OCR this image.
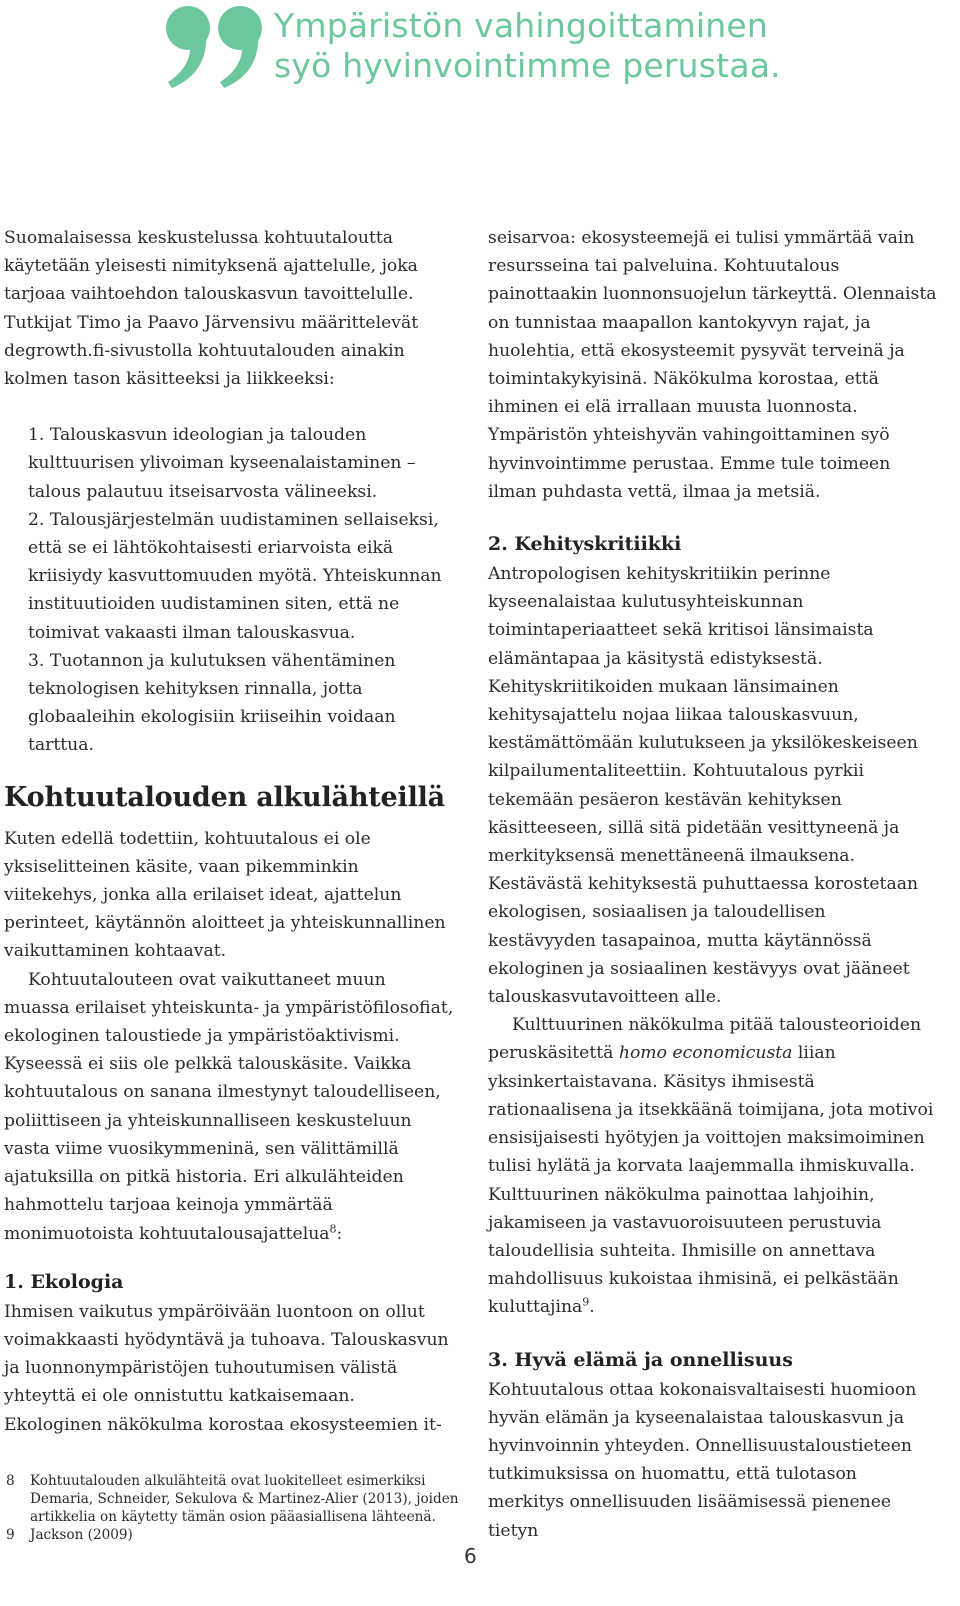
Ympäristön vahingoittaminen
syö hyvinvointimme perustaa.

Suomalaisessa keskustelussa kohtuutaloutta käytetään yleisesti nimityksenä ajattelulle, joka tarjoaa vaihtoehdon talouskasvun tavoittelulle. Tutkijat Timo ja Paavo Järvensivu määrittelevät degrowth.fi-sivustolla kohtuutalouden ainakin kolmen tason käsitteeksi ja liikkeeksi:

1. Talouskasvun ideologian ja talouden kulttuurisen ylivoiman kyseenalaistaminen – talous palautuu itseisarvosta välineeksi.
2. Talousjärjestelmän uudistaminen sellaiseksi, että se ei lähtökohtaisesti eriarvoista eikä kriisiydy kasvuttomuuden myötä. Yhteiskunnan instituutioiden uudistaminen siten, että ne toimivat vakaasti ilman talouskasvua.
3. Tuotannon ja kulutuksen vähentäminen teknologisen kehityksen rinnalla, jotta globaaleihin ekologisiin kriiseihin voidaan tarttua.
Kohtuutalouden alkulähteillä

Kuten edellä todettiin, kohtuutalous ei ole yksiselitteinen käsite, vaan pikemminkin viitekehys, jonka alla erilaiset ideat, ajattelun perinteet, käytännön aloitteet ja yhteiskunnallinen vaikuttaminen kohtaavat.

Kohtuutalouteen ovat vaikuttaneet muun muassa erilaiset yhteiskunta- ja ympäristöfilosofiat, ekologinen taloustiede ja ympäristöaktivismi. Kyseessä ei siis ole pelkkä talouskäsite. Vaikka kohtuutalous on sanana ilmestynyt taloudelliseen, poliittiseen ja yhteiskunnalliseen keskusteluun vasta viime vuosikymmeninä, sen välittämillä ajatuksilla on pitkä historia. Eri alkulähteiden hahmottelu tarjoaa keinoja ymmärtää monimuotoista kohtuutalousajattelua$^8$:

1. Ekologia

Ihmisen vaikutus ympäröivään luontoon on ollut voimakkaasti hyödyntävä ja tuhoava. Talouskasvun ja luonnonympäristöjen tuhoutumisen välistä yhteyttä ei ole onnistuttu katkaisemaan. Ekologinen näkökulma korostaa ekosysteemien it-

seisarvoa: ekosysteemejä ei tulisi ymmärtää vain resursseina tai palveluina. Kohtuutalous painottaakin luonnonsuojelun tärkeyttä. Olennaista on tunnistaa maapallon kantokyvyn rajat, ja huolehtia, että ekosysteemit pysyvät terveinä ja toimintakykyisinä. Näkökulma korostaa, että ihminen ei elä irrallaan muusta luonnosta. Ympäristön yhteishyvän vahingoittaminen syö hyvinvointimme perustaa. Emme tule toimeen ilman puhdasta vettä, ilmaa ja metsiä.

2. Kehityskritiikki

Antropologisen kehityskritiikin perinne kyseenalaistaa kulutusyhteiskunnan toimintaperiaatteet sekä kritisoi länsimaista elämäntapaa ja käsitystä edistyksestä. Kehityskriitikoiden mukaan länsimainen kehitysajattelu nojaa liikaa talouskasvuun, kestämättömään kulutukseen ja yksilökeskeiseen kilpailumentaliteettiin. Kohtuutalous pyrkii tekemään pesäeron kestävän kehityksen käsitteeseen, sillä sitä pidetään vesittyneenä ja merkityksensä menettäneenä ilmauksena. Kestävästä kehityksestä puhuttaessa korostetaan ekologisen, sosiaalisen ja taloudellisen kestävyyden tasapainoa, mutta käytännössä ekologinen ja sosiaalinen kestävyys ovat jääneet talouskasvutavoitteen alle.

Kulttuurinen näkökulma pitää talousteorioiden peruskäsitettä homo economicusta liian yksinkertaistavana. Käsitys ihmisestä rationaalisena ja itsekkäänä toimijana, jota motivoi ensisijaisesti hyötyjen ja voittojen maksimoiminen tulisi hylätä ja korvata laajemmalla ihmiskuvalla. Kulttuurinen näkökulma painottaa lahjoihin, jakamiseen ja vastavuoroisuuteen perustuvia taloudellisia suhteita. Ihmisille on annettava mahdollisuus kukoistaa ihmisinä, ei pelkästään kuluttajina$^9$.

3. Hyvä elämä ja onnellisuus

Kohtuutalous ottaa kokonaisvaltaisesti huomioon hyvän elämän ja kyseenalaistaa talouskasvun ja hyvinvoinnin yhteyden. Onnellisuustaloustieteen tutkimuksissa on huomattu, että tulotason merkitys onnellisuuden lisäämisessä pienenee tietyn

8	Kohtuutalouden alkulähteitä ovat luokitelleet esimerkiksi Demaria, Schneider, Sekulova & Martinez-Alier (2013), joiden artikkelia on käytetty tämän osion pääasiallisena lähteenä.
9	Jackson (2009)
6
